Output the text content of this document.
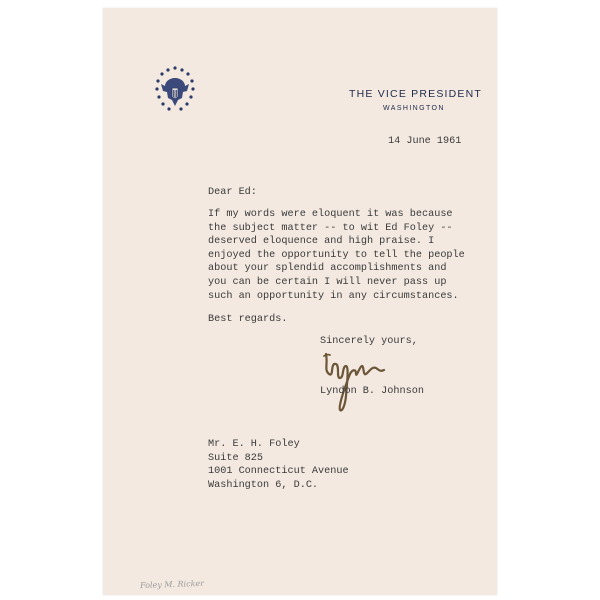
THE VICE PRESIDENT
WASHINGTON
14 June 1961
Dear Ed:
If my words were eloquent it was because
the subject matter -- to wit Ed Foley --
deserved eloquence and high praise. I
enjoyed the opportunity to tell the people
about your splendid accomplishments and
you can be certain I will never pass up
such an opportunity in any circumstances.
Best regards.
Sincerely yours,
Lyndon B. Johnson
Mr. E. H. Foley
Suite 825
1001 Connecticut Avenue
Washington 6, D.C.
Foley M. Ricker
